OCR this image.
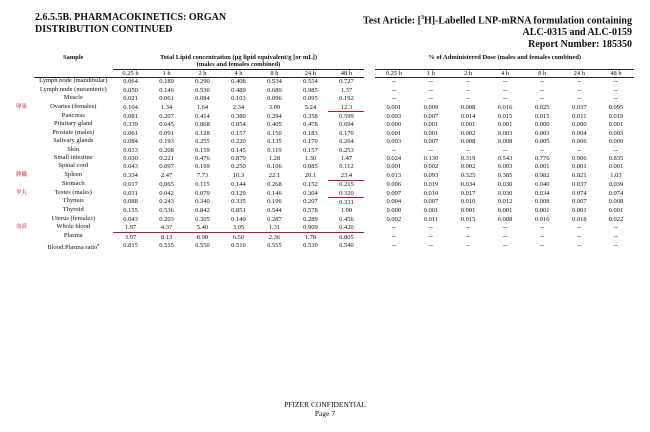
2.6.5.5B. PHARMACOKINETICS: ORGAN
DISTRIBUTION CONTINUED
Test Article: [$^3$H]-Labelled LNP-mRNA formulation containing
ALC-0315 and ALC-0159
Report Number: 185350
Sample	Total Lipid concentration (µg lipid equivalent/g [or mL])
(males and females combined)								% of Administered Dose (males and females combined)						
	0.25 h	1 h	2 h	4 h	8 h	24 h	48 h		0.25 h	1 h	2 h	4 h	8 h	24 h	48 h
Lymph node (mandibular)	0.064	0.189	0.290	0.408	0.534	0.554	0.727		--	--	--	--	--	--	--
Lymph node (mesenteric)	0.050	0.146	0.530	0.489	0.689	0.985	1.37		--	--	--	--	--	--	--
Muscle	0.021	0.061	0.084	0.103	0.096	0.095	0.192		--	--	--	--	--	--	--

卵巣 Ovaries (females)	0.104	1.34	1.64	2.34	3.09	5.24	12.3		0.001	0.009	0.008	0.016	0.025	0.037	0.095
Pancreas	0.081	0.207	0.414	0.380	0.294	0.358	0.599		0.003	0.007	0.014	0.015	0.015	0.011	0.019
Pituitary gland	0.339	0.645	0.868	0.854	0.405	0.478	0.694		0.000	0.001	0.001	0.001	0.000	0.000	0.001
Prostate (males)	0.061	0.091	0.128	0.157	0.150	0.183	0.170		0.001	0.001	0.002	0.003	0.003	0.004	0.003
Salivary glands	0.084	0.193	0.255	0.220	0.135	0.170	0.264		0.003	0.007	0.008	0.008	0.005	0.006	0.009
Skin	0.013	0.208	0.159	0.145	0.119	0.157	0.253		--	--	--	--	--	--	--
Small intestine	0.030	0.221	0.476	0.879	1.28	1.30	1.47		0.024	0.130	0.319	0.543	0.776	0.906	0.835
Spinal cord	0.043	0.097	0.169	0.250	0.106	0.085	0.112		0.001	0.002	0.002	0.003	0.001	0.001	0.001

脾臓 Spleen	0.334	2.47	7.73	10.3	22.1	20.1	23.4		0.013	0.093	0.325	0.385	0.982	0.821	1.03
Stomach	0.017	0.065	0.115	0.144	0.268	0.152	0.215		0.006	0.019	0.034	0.030	0.040	0.037	0.039

睾丸 Testes (males)	0.031	0.042	0.079	0.129	0.146	0.304	0.320		0.007	0.010	0.017	0.030	0.034	0.074	0.074
Thymus	0.088	0.243	0.340	0.335	0.196	0.207	0.331		0.004	0.007	0.010	0.012	0.008	0.007	0.008
Thyroid	0.155	0.536	0.842	0.851	0.544	0.578	1.00		0.000	0.001	0.001	0.001	0.001	0.001	0.001
Uterus (females)	0.043	0.203	0.305	0.140	0.287	0.289	0.456		0.002	0.011	0.015	0.008	0.016	0.018	0.022

血液 Whole blood	1.97	4.37	5.40	3.05	1.31	0.909	0.420		--	--	--	--	--	--	--
Plasma	3.97	8.13	8.90	6.50	2.36	1.78	0.805		--	--	--	--	--	--	--
Blood:Plasma ratio$^a$	0.815	0.515	0.550	0.510	0.555	0.530	0.540		--	--	--	--	--	--	--
PFIZER CONFIDENTIAL
Page 7
